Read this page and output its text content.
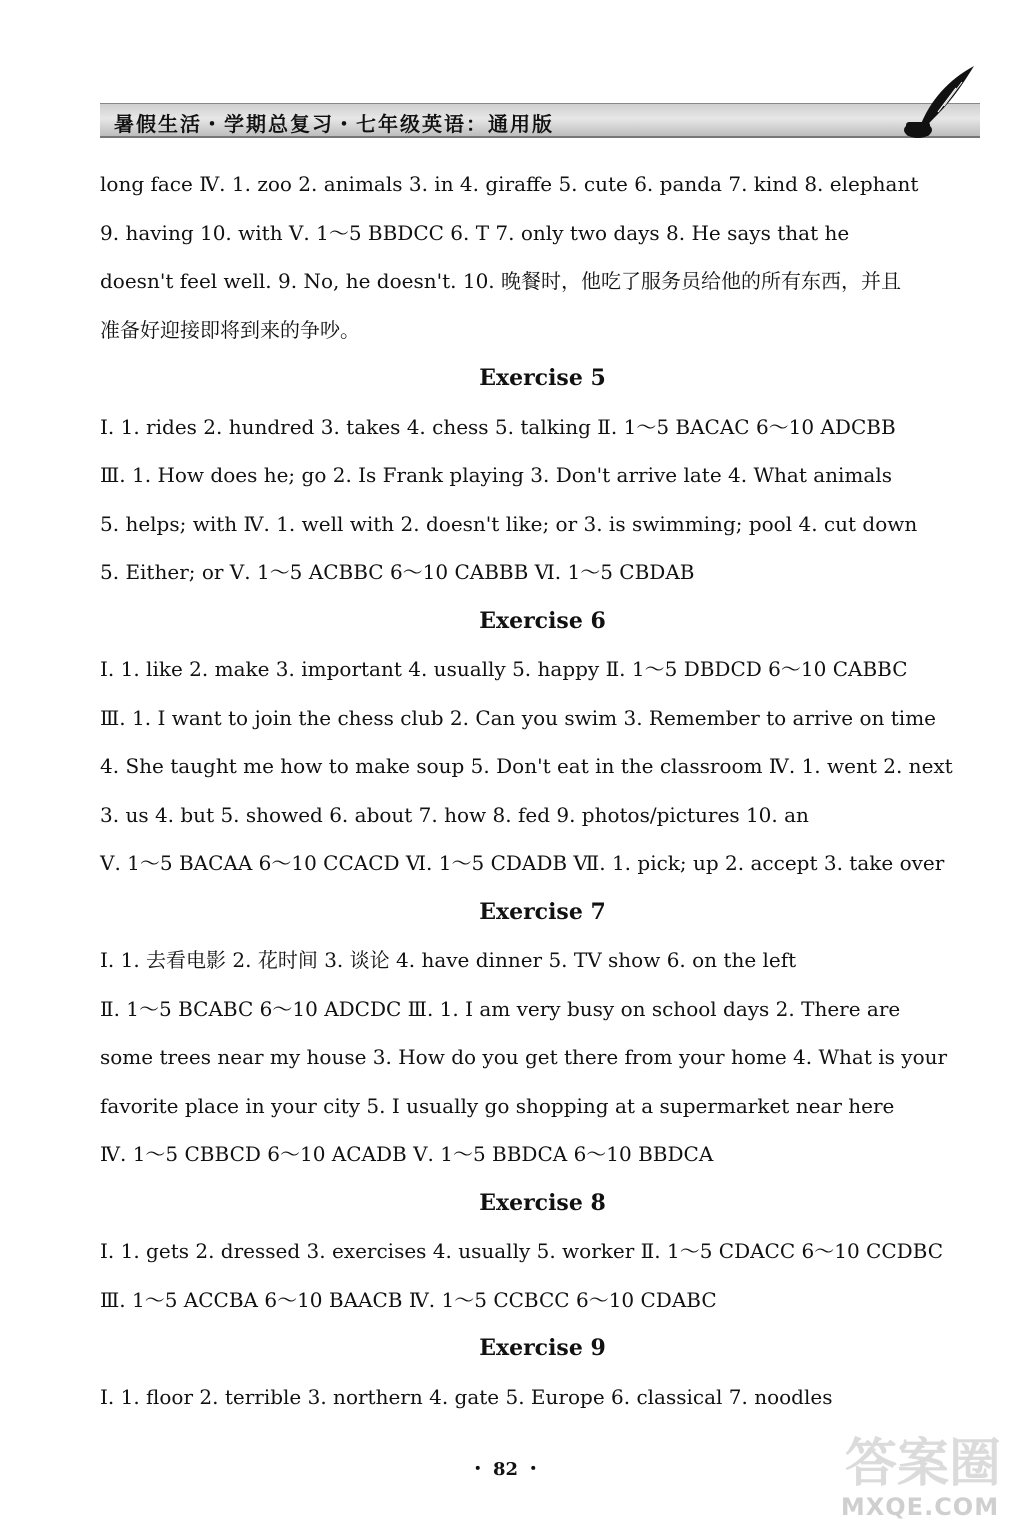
暑假生活・学期总复习・七年级英语：通用版
long face Ⅳ. 1. zoo 2. animals 3. in 4. giraffe 5. cute 6. panda 7. kind 8. elephant
9. having 10. with Ⅴ. 1～5 BBDCC 6. T 7. only two days 8. He says that he
doesn't feel well. 9. No, he doesn't. 10. 晚餐时，他吃了服务员给他的所有东西，并且
准备好迎接即将到来的争吵。
Exercise 5
Ⅰ. 1. rides 2. hundred 3. takes 4. chess 5. talking Ⅱ. 1～5 BACAC 6～10 ADCBB
Ⅲ. 1. How does he; go 2. Is Frank playing 3. Don't arrive late 4. What animals
5. helps; with Ⅳ. 1. well with 2. doesn't like; or 3. is swimming; pool 4. cut down
5. Either; or Ⅴ. 1～5 ACBBC 6～10 CABBB Ⅵ. 1～5 CBDAB
Exercise 6
Ⅰ. 1. like 2. make 3. important 4. usually 5. happy Ⅱ. 1～5 DBDCD 6～10 CABBC
Ⅲ. 1. I want to join the chess club 2. Can you swim 3. Remember to arrive on time
4. She taught me how to make soup 5. Don't eat in the classroom Ⅳ. 1. went 2. next
3. us 4. but 5. showed 6. about 7. how 8. fed 9. photos/pictures 10. an
Ⅴ. 1～5 BACAA 6～10 CCACD Ⅵ. 1～5 CDADB Ⅶ. 1. pick; up 2. accept 3. take over
Exercise 7
Ⅰ. 1. 去看电影 2. 花时间 3. 谈论 4. have dinner 5. TV show 6. on the left
Ⅱ. 1～5 BCABC 6～10 ADCDC Ⅲ. 1. I am very busy on school days 2. There are
some trees near my house 3. How do you get there from your home 4. What is your
favorite place in your city 5. I usually go shopping at a supermarket near here
Ⅳ. 1～5 CBBCD 6～10 ACADB Ⅴ. 1～5 BBDCA 6～10 BBDCA
Exercise 8
Ⅰ. 1. gets 2. dressed 3. exercises 4. usually 5. worker Ⅱ. 1～5 CDACC 6～10 CCDBC
Ⅲ. 1～5 ACCBA 6～10 BAACB Ⅳ. 1～5 CCBCC 6～10 CDABC
Exercise 9
Ⅰ. 1. floor 2. terrible 3. northern 4. gate 5. Europe 6. classical 7. noodles
・ 82 ・	答案圈
MXQE.COM
